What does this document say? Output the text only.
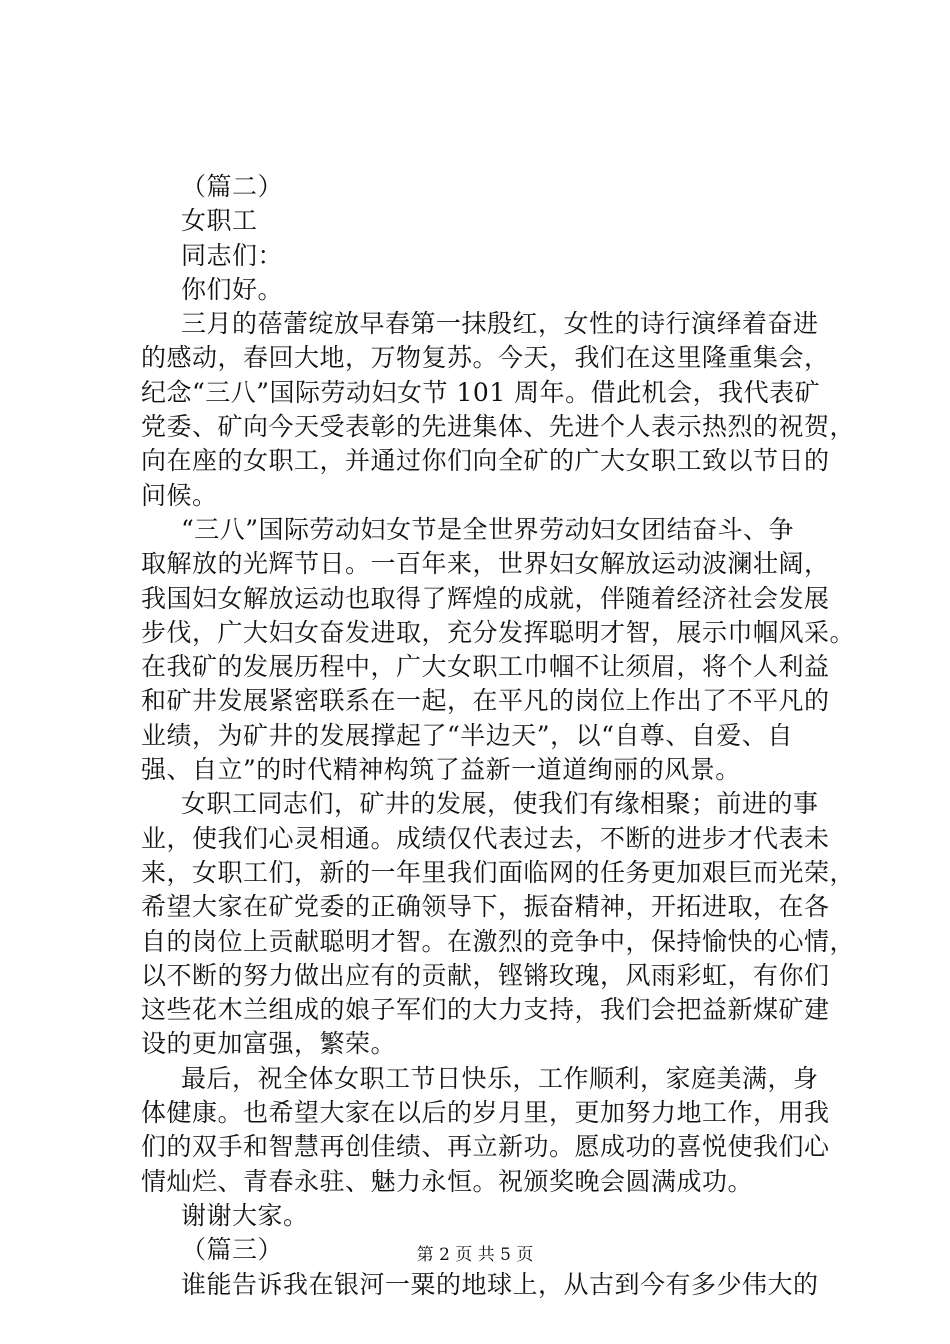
（篇二）
女职工
同志们：
你们好。
三月的蓓蕾绽放早春第一抹殷红，女性的诗行演绎着奋进
的感动，春回大地，万物复苏。今天，我们在这里隆重集会，
纪念“三八”国际劳动妇女节 101 周年。借此机会，我代表矿
党委、矿向今天受表彰的先进集体、先进个人表示热烈的祝贺，
向在座的女职工，并通过你们向全矿的广大女职工致以节日的
问候。
“三八”国际劳动妇女节是全世界劳动妇女团结奋斗、争
取解放的光辉节日。一百年来，世界妇女解放运动波澜壮阔，
我国妇女解放运动也取得了辉煌的成就，伴随着经济社会发展
步伐，广大妇女奋发进取，充分发挥聪明才智，展示巾帼风采。
在我矿的发展历程中，广大女职工巾帼不让须眉，将个人利益
和矿井发展紧密联系在一起，在平凡的岗位上作出了不平凡的
业绩，为矿井的发展撑起了“半边天”，以“自尊、自爱、自
强、自立”的时代精神构筑了益新一道道绚丽的风景。
女职工同志们，矿井的发展，使我们有缘相聚；前进的事
业，使我们心灵相通。成绩仅代表过去，不断的进步才代表未
来，女职工们，新的一年里我们面临网的任务更加艰巨而光荣，
希望大家在矿党委的正确领导下，振奋精神，开拓进取，在各
自的岗位上贡献聪明才智。在激烈的竞争中，保持愉快的心情，
以不断的努力做出应有的贡献，铿锵玫瑰，风雨彩虹，有你们
这些花木兰组成的娘子军们的大力支持，我们会把益新煤矿建
设的更加富强，繁荣。
最后，祝全体女职工节日快乐，工作顺利，家庭美满，身
体健康。也希望大家在以后的岁月里，更加努力地工作，用我
们的双手和智慧再创佳绩、再立新功。愿成功的喜悦使我们心
情灿烂、青春永驻、魅力永恒。祝颁奖晚会圆满成功。
谢谢大家。
（篇三）
谁能告诉我在银河一粟的地球上，从古到今有多少伟大的
第 2 页 共 5 页
